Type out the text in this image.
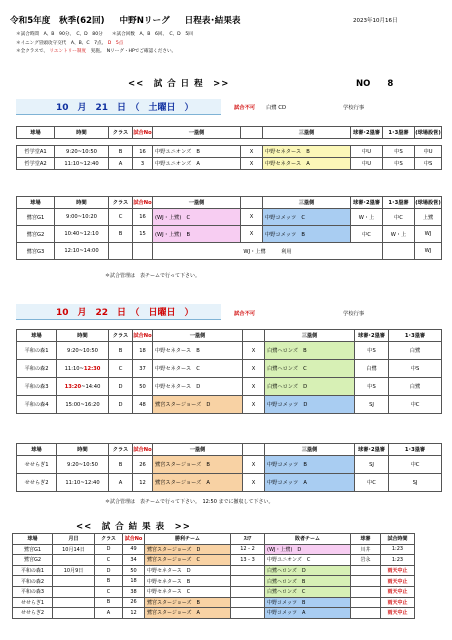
令和5年度　秋季(62回) 中野Nリーグ 日程表･結果表	2023年10月16日
＊試合時間　A、B　90分、　C、D　80分　　＊試合回数　A、B　6回、　C、D　5回
＊イニング冒頭攻守交代　A、B、C　7点、 D　5点
＊全クラスで、 リエントリー制度　実施。　Nリーグ・HPでご確認ください。
<<　試 合 日 程　>>	NO　　8
10　月　21　日　（　土曜日　）	試合不可 白鷺 CD	学校行事
球場	時間	クラス	試合No	一塁側		三塁側	球審･2塁審	1･3塁審	(球場設営)

哲学堂A1	9:20~10:50	B	16	中野ユニオンズ　B	X	中野セネタース　B	中U	中S	中U
哲学堂A2	11:10~12:40	A	3	中野ユニオンズ　A	X	中野セネタース　A	中U	中S	中S
球場	時間	クラス	試合No	一塁側		三塁側	球審･2塁審	1･3塁審	(球場設営)
鷺宮G1	9:00~10:20	C	16	(WJ・上鷺)　C	X	中野コメッツ　C	W・上	中C	上鷺
鷺宮G2	10:40~12:10	B	15	(WJ・上鷺)　B	X	中野コメッツ　B	中C	W・上	WJ
鷺宮G3	12:10~14:00			WJ・上鷺　　　利用					WJ
＊試合管理は　表チームで行って下さい。
10　月　22　日　（　日曜日　）	試合不可	学校行事
球場	時間	クラス	試合No	一塁側		三塁側	球審･2塁審	1･3塁審
平和の森1	9:20~10:50	B	18	中野セネタース　B	X	白鷺ヘロンズ　B	中S	白鷺
平和の森2	11:10~12:30	C	37	中野セネタース　C	X	白鷺ヘロンズ　C	白鷺	中S
平和の森3	13:20~14:40	D	50	中野セネタース　D	X	白鷺ヘロンズ　D	中S	白鷺
平和の森4	15:00~16:20	D	48	鷺宮スタージョーズ　D	X	中野コメッツ　D	SJ	中C
球場	時間	クラス	試合No	一塁側		三塁側	球審･2塁審	1･3塁審
せせらぎ1	9:20~10:50	B	26	鷺宮スタージョーズ　B	X	中野コメッツ　B	SJ	中C
せせらぎ2	11:10~12:40	A	12	鷺宮スタージョーズ　A	X	中野コメッツ　A	中C	SJ
＊試合管理は　表チームで行って下さい。　12:50 までに撤収して下さい。
<<　試 合 結 果 表　>>
球場	月日	クラス	試合No	勝利チーム	ｽｺｱ	敗者チーム	球審	試合時間
鷺宮G1	10月14日	D	49	鷺宮スタージョーズ　D	12 - 2	(WJ・上鷺)　D	川井	1:23
鷺宮G2		C	34	鷺宮スタージョーズ　C	13 - 3	中野ユニオンズ　C	岩永	1:23
平和の森1	10月9日	D	50	中野セネタース　D		白鷺ヘロンズ　D		雨天中止
平和の森2		B	18	中野セネタース　B		白鷺ヘロンズ　B		雨天中止
平和の森3		C	38	中野セネタース　C		白鷺ヘロンズ　C		雨天中止
せせらぎ1		B	26	鷺宮スタージョーズ　B		中野コメッツ　B		雨天中止
せせらぎ2		A	12	鷺宮スタージョーズ　A		中野コメッツ　A		雨天中止
